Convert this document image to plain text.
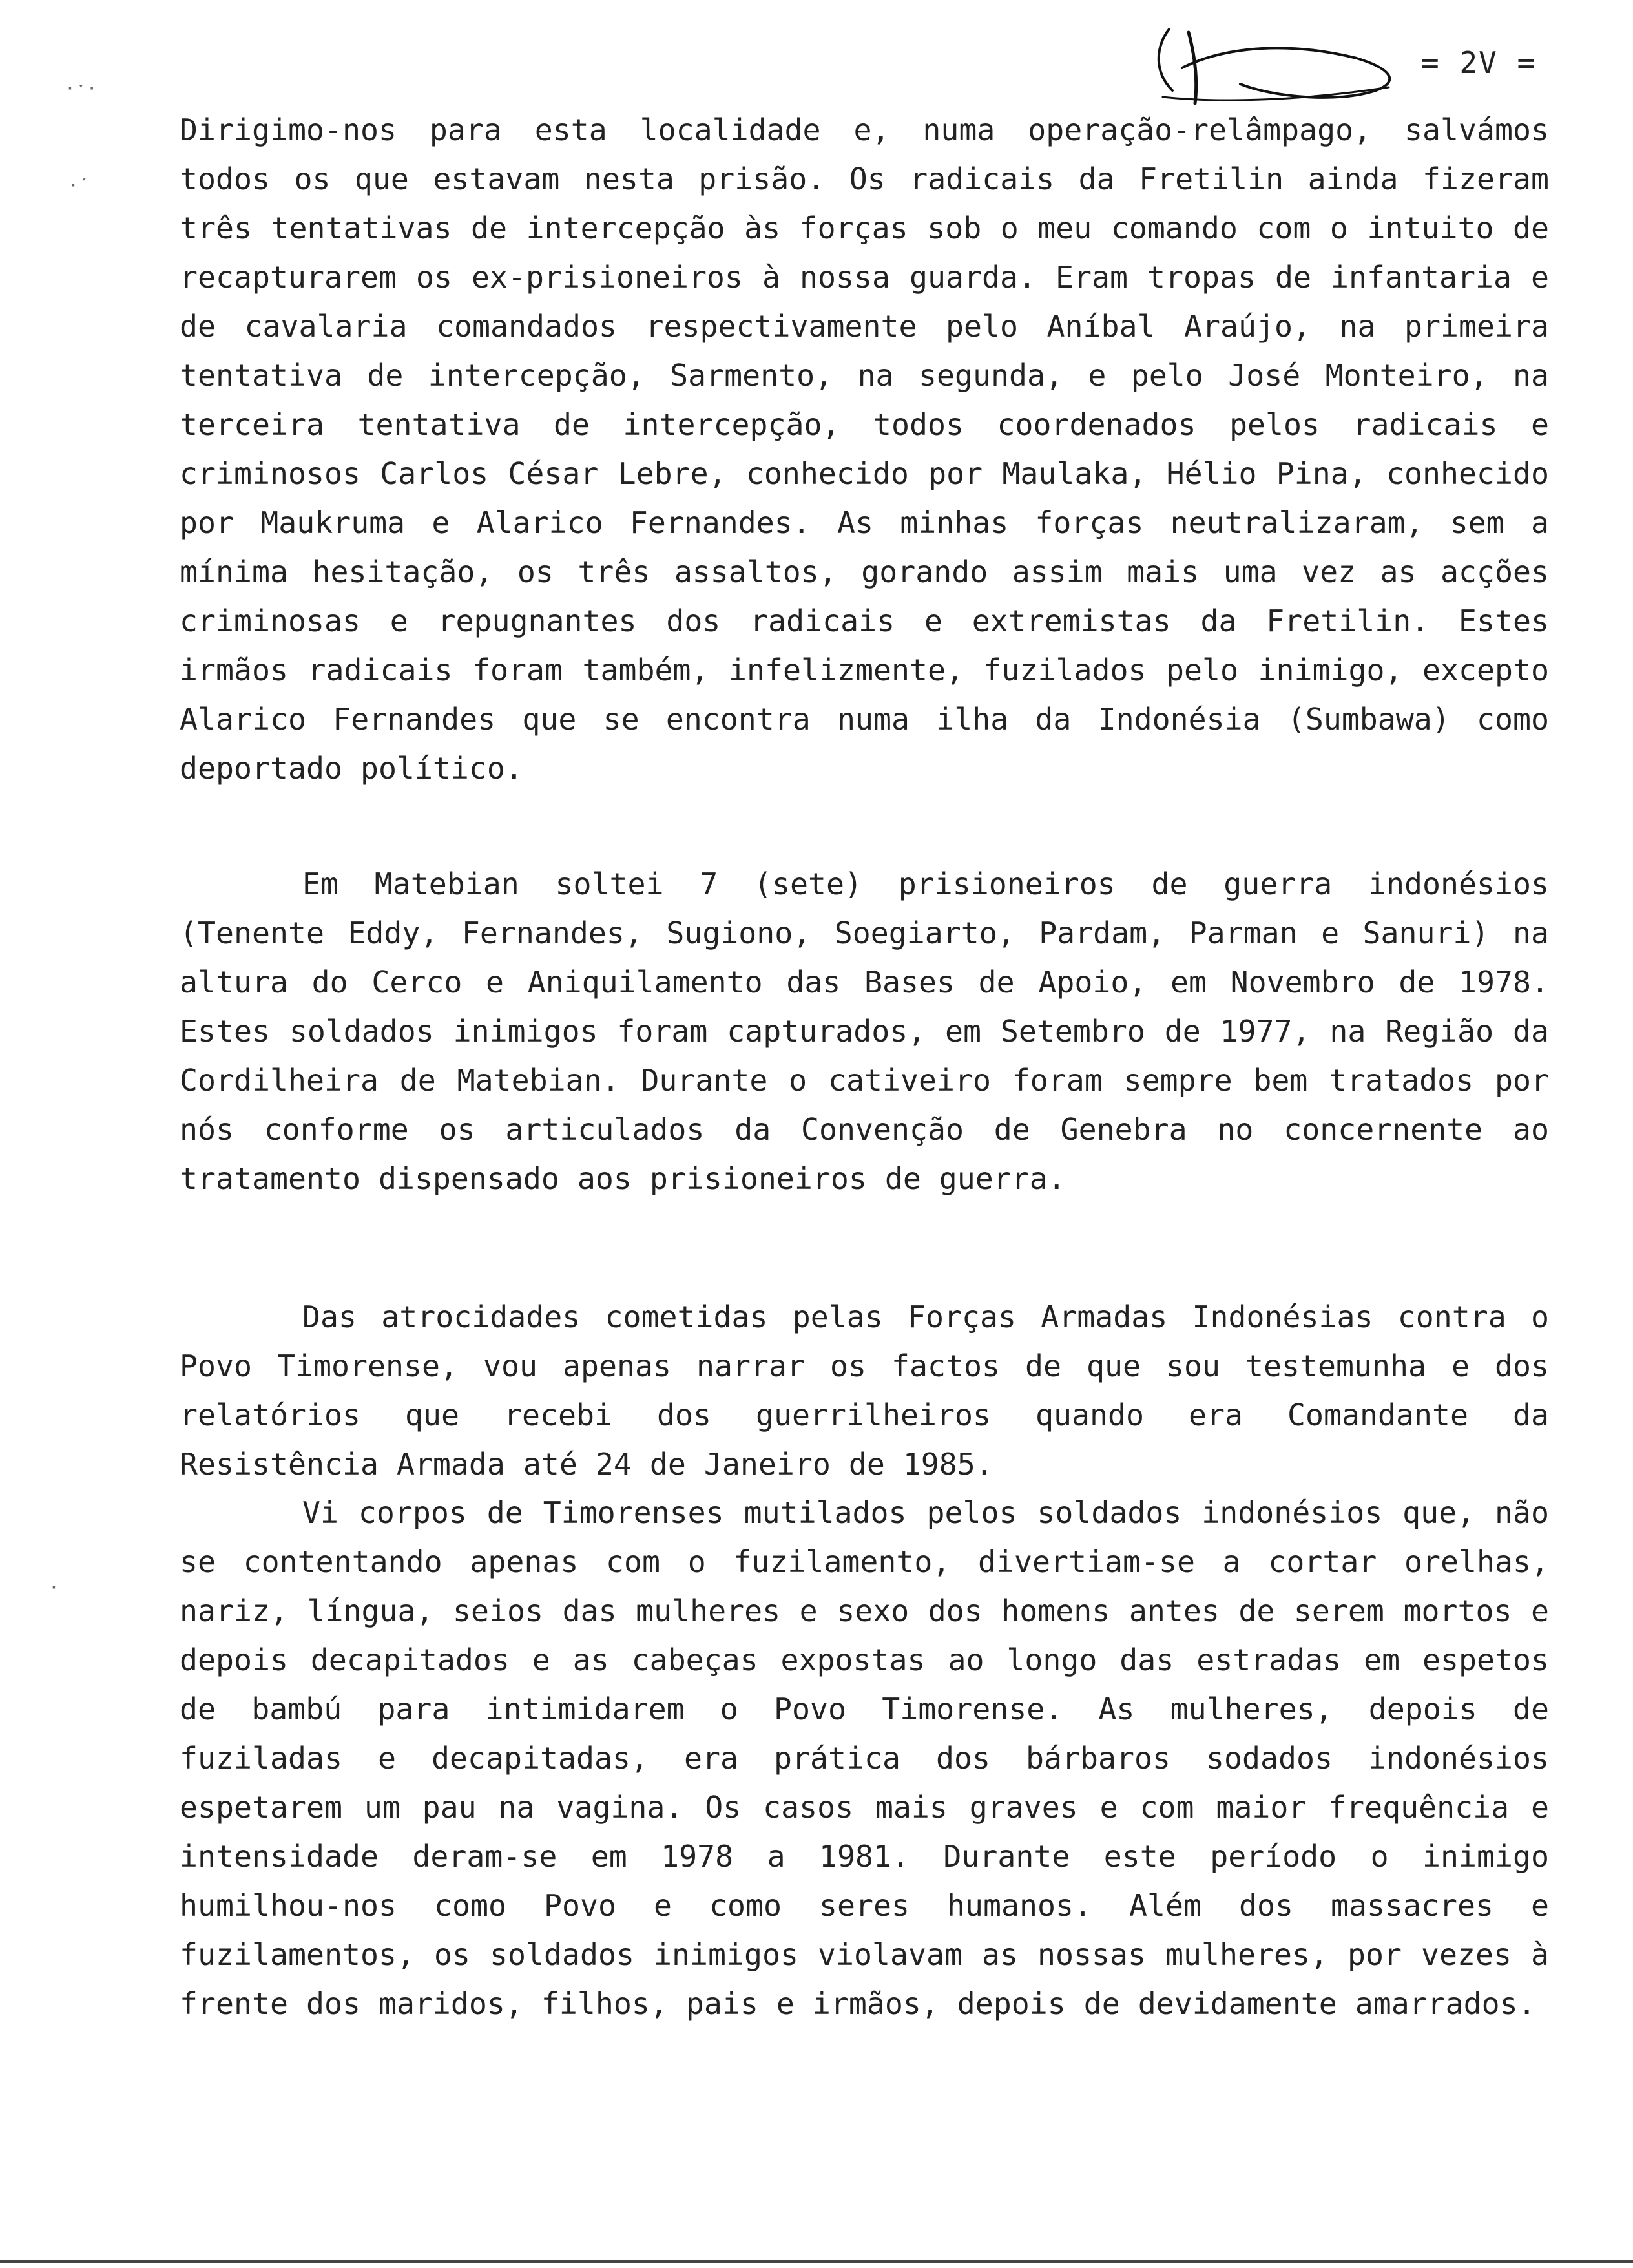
= 2V =
·ˑ·
·ˊ
·

Dirigimo-nos para esta localidade e, numa operação-relâmpago, salvámos todos os que estavam nesta prisão. Os radicais da Fretilin ainda fizeram três tentativas de intercepção às forças sob o meu comando com o intuito de recapturarem os ex-prisioneiros à nossa guarda. Eram tropas de infantaria e de cavalaria comandados respectivamente pelo Aníbal Araújo, na primeira tentativa de intercepção, Sarmento, na segunda, e pelo José Monteiro, na terceira tentativa de intercepção, todos coordenados pelos radicais e criminosos Carlos César Lebre, conhecido por Maulaka, Hélio Pina, conhecido por Maukruma e Alarico Fernandes. As minhas forças neutralizaram, sem a mínima hesitação, os três assaltos, gorando assim mais uma vez as acções criminosas e repugnantes dos radicais e extremistas da Fretilin. Estes irmãos radicais foram também, infelizmente, fuzilados pelo inimigo, excepto Alarico Fernandes que se encontra numa ilha da Indonésia (Sumbawa) como deportado político.

Em Matebian soltei 7 (sete) prisioneiros de guerra indonésios (Tenente Eddy, Fernandes, Sugiono, Soegiarto, Pardam, Parman e Sanuri) na altura do Cerco e Aniquilamento das Bases de Apoio, em Novembro de 1978. Estes soldados inimigos foram capturados, em Setembro de 1977, na Região da Cordilheira de Matebian. Durante o cativeiro foram sempre bem tratados por nós conforme os articulados da Convenção de Genebra no concernente ao tratamento dispensado aos prisioneiros de guerra.

Das atrocidades cometidas pelas Forças Armadas Indonésias contra o Povo Timorense, vou apenas narrar os factos de que sou testemunha e dos relatórios que recebi dos guerrilheiros quando era Comandante da Resistência Armada até 24 de Janeiro de 1985.

Vi corpos de Timorenses mutilados pelos soldados indonésios que, não se contentando apenas com o fuzilamento, divertiam-se a cortar orelhas, nariz, língua, seios das mulheres e sexo dos homens antes de serem mortos e depois decapitados e as cabeças expostas ao longo das estradas em espetos de bambú para intimidarem o Povo Timorense. As mulheres, depois de fuziladas e decapitadas, era prática dos bárbaros sodados indonésios espetarem um pau na vagina. Os casos mais graves e com maior frequência e intensidade deram-se em 1978 a 1981. Durante este período o inimigo humilhou-nos como Povo e como seres humanos. Além dos massacres e fuzilamentos, os soldados inimigos violavam as nossas mulheres, por vezes à frente dos maridos, filhos, pais e irmãos, depois de devidamente amarrados.
